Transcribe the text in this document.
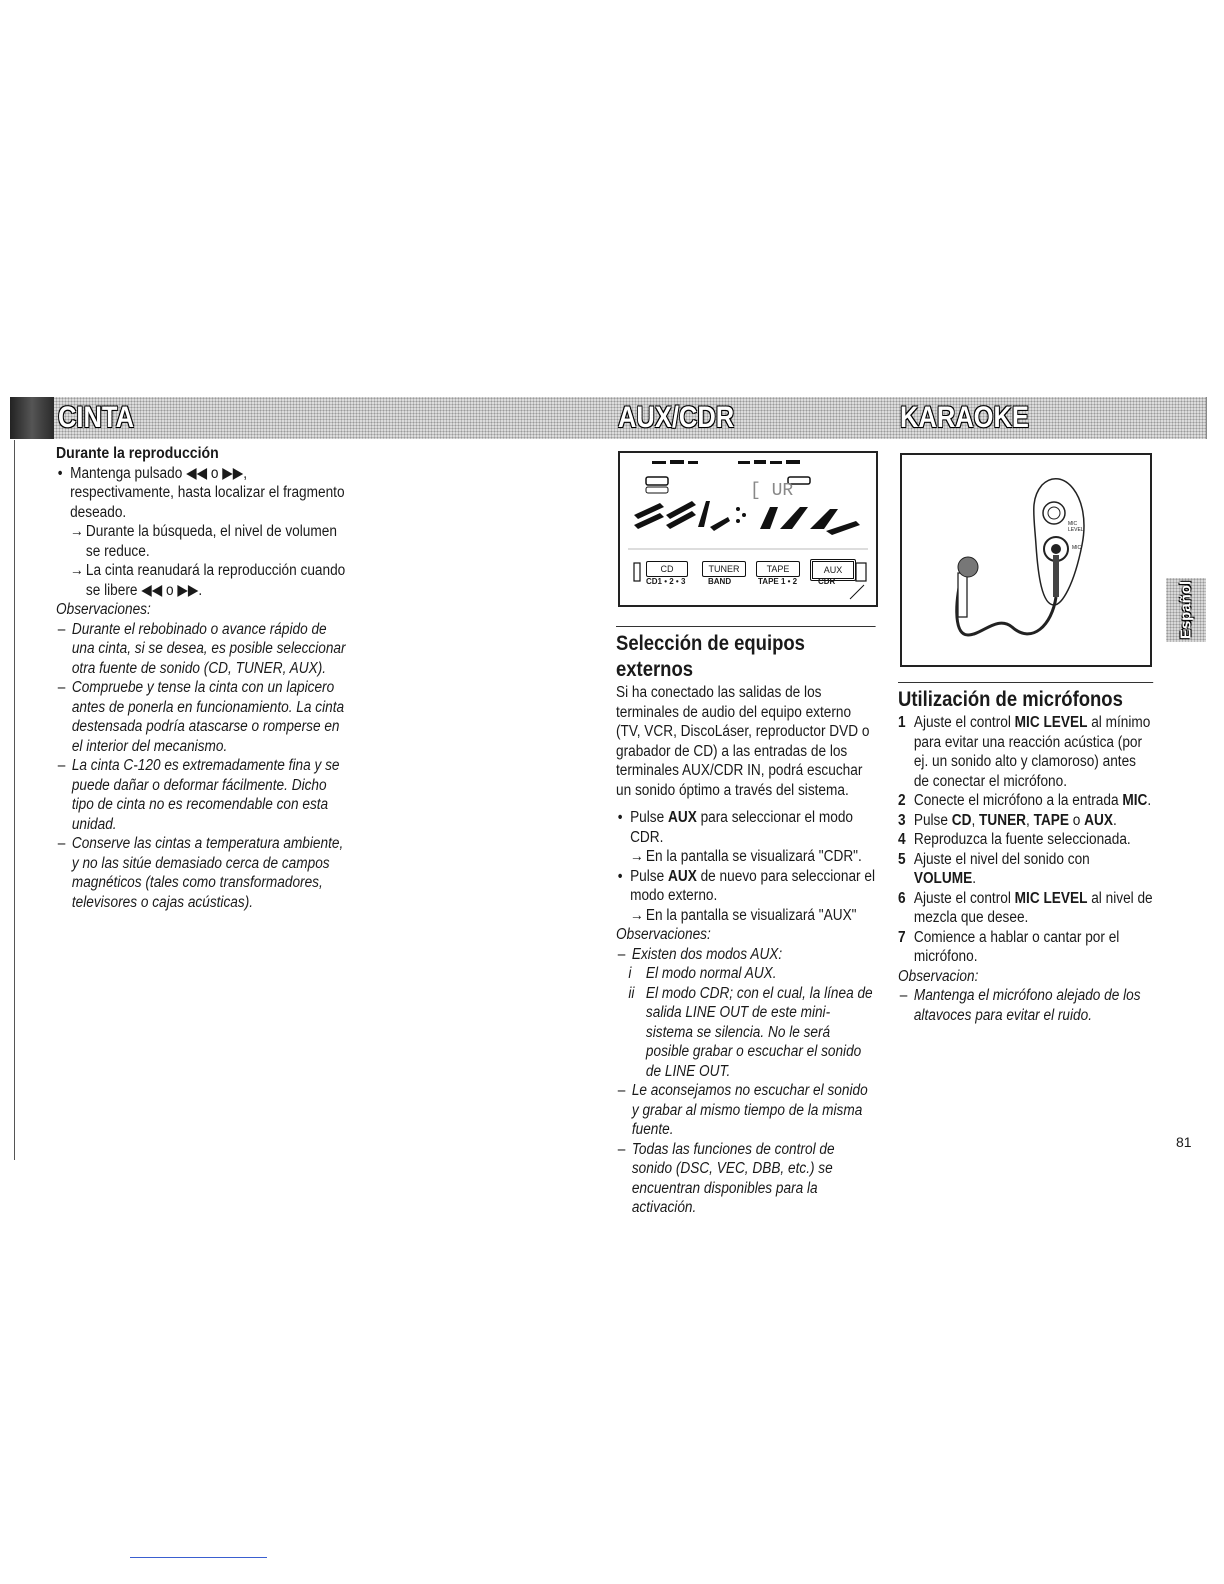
CINTA	AUX/CDR	KARAOKE

Durante la reproducción

• Mantenga pulsado ◀◀ o ▶▶, respectivamente, hasta localizar el fragmento deseado.

→ Durante la búsqueda, el nivel de volumen se reduce.

→ La cinta reanudará la reproducción cuando se libere ◀◀ o ▶▶.

Observaciones:

– Durante el rebobinado o avance rápido de una cinta, si se desea, es posible seleccionar otra fuente de sonido (CD, TUNER, AUX).

– Compruebe y tense la cinta con un lapicero antes de ponerla en funcionamiento. La cinta destensada podría atascarse o romperse en el interior del mecanismo.

– La cinta C-120 es extremadamente fina y se puede dañar o deformar fácilmente. Dicho tipo de cinta no es recomendable con esta unidad.

– Conserve las cintas a temperatura ambiente, y no las sitúe demasiado cerca de campos magnéticos (tales como transformadores, televisores o cajas acústicas).

[ UR
CD	TUNER	TAPE	AUX
CD1 • 2 • 3	BAND	TAPE 1 • 2	CDR

Selección de equipos externos

Si ha conectado las salidas de los terminales de audio del equipo externo (TV, VCR, DiscoLáser, reproductor DVD o grabador de CD) a las entradas de los terminales AUX/CDR IN, podrá escuchar un sonido óptimo a través del sistema.

• Pulse AUX para seleccionar el modo CDR.

→ En la pantalla se visualizará "CDR".

• Pulse AUX de nuevo para seleccionar el modo externo.

→ En la pantalla se visualizará "AUX"

Observaciones:

– Existen dos modos AUX:

i El modo normal AUX.

ii El modo CDR; con el cual, la línea de salida LINE OUT de este mini-sistema se silencia. No le será posible grabar o escuchar el sonido de LINE OUT.

– Le aconsejamos no escuchar el sonido y grabar al mismo tiempo de la misma fuente.

– Todas las funciones de control de sonido (DSC, VEC, DBB, etc.) se encuentran disponibles para la activación.

MIC LEVEL
MIC

Utilización de micrófonos

1 Ajuste el control MIC LEVEL al mínimo para evitar una reacción acústica (por ej. un sonido alto y clamoroso) antes de conectar el micrófono.

2 Conecte el micrófono a la entrada MIC.

3 Pulse CD, TUNER, TAPE o AUX.

4 Reproduzca la fuente seleccionada.

5 Ajuste el nivel del sonido con VOLUME.

6 Ajuste el control MIC LEVEL al nivel de mezcla que desee.

7 Comience a hablar o cantar por el micrófono.

Observacion:

– Mantenga el micrófono alejado de los altavoces para evitar el ruido.

Español
81
